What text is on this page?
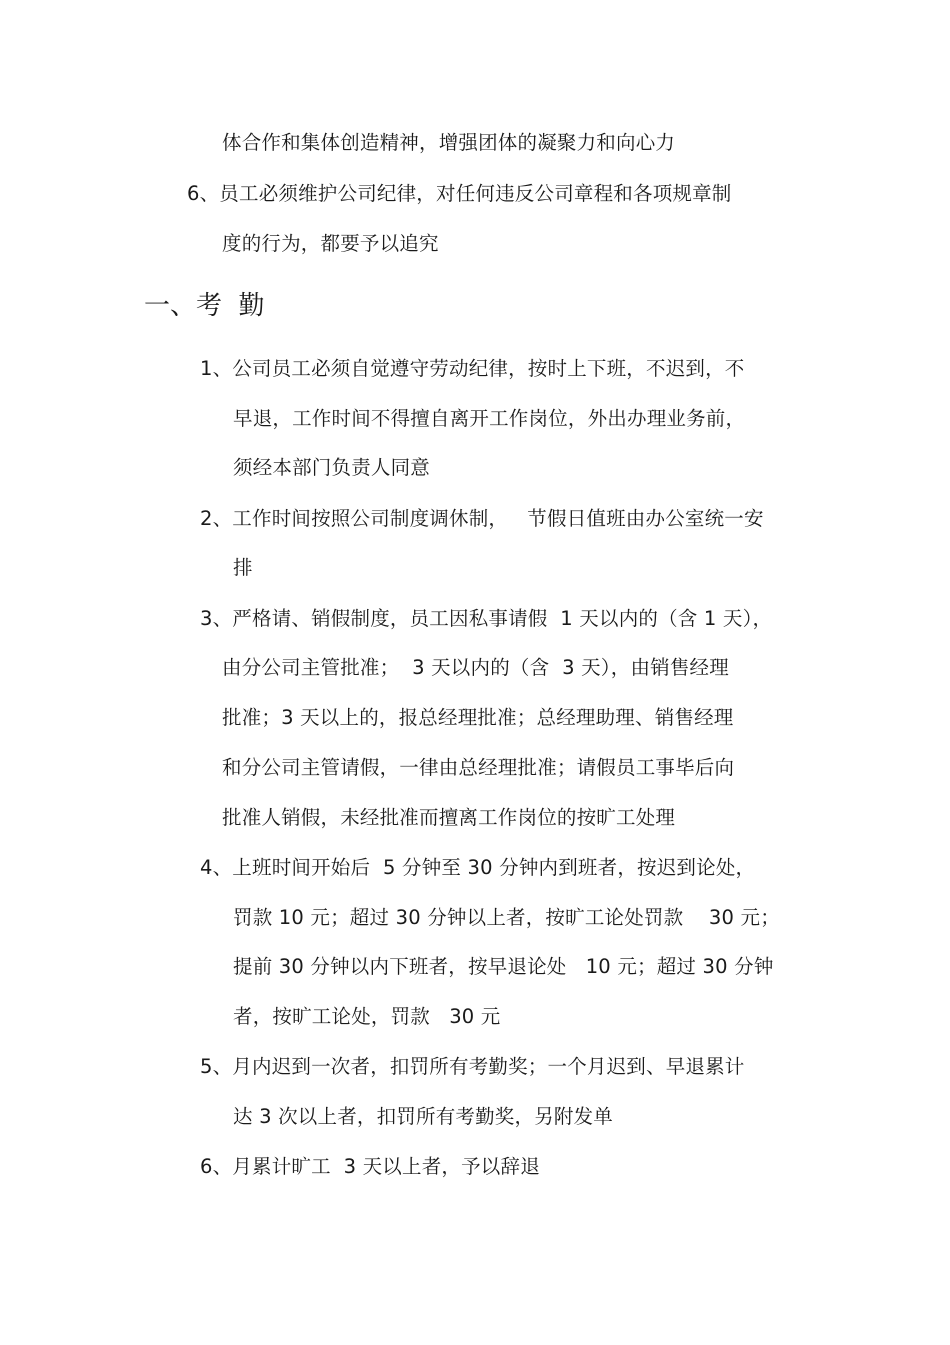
体合作和集体创造精神，增强团体的凝聚力和向心力
6、员工必须维护公司纪律，对任何违反公司章程和各项规章制
度的行为，都要予以追究
一、考  勤
1、公司员工必须自觉遵守劳动纪律，按时上下班，不迟到，不
早退，工作时间不得擅自离开工作岗位，外出办理业务前，
须经本部门负责人同意
2、工作时间按照公司制度调休制，   节假日值班由办公室统一安
排
3、严格请、销假制度，员工因私事请假  1 天以内的（含 1 天），
由分公司主管批准；  3 天以内的（含  3 天），由销售经理
批准；3 天以上的，报总经理批准；总经理助理、销售经理
和分公司主管请假，一律由总经理批准；请假员工事毕后向
批准人销假，未经批准而擅离工作岗位的按旷工处理
4、上班时间开始后  5 分钟至 30 分钟内到班者，按迟到论处，
罚款 10 元；超过 30 分钟以上者，按旷工论处罚款    30 元；
提前 30 分钟以内下班者，按早退论处   10 元；超过 30 分钟
者，按旷工论处，罚款   30 元
5、月内迟到一次者，扣罚所有考勤奖；一个月迟到、早退累计
达 3 次以上者，扣罚所有考勤奖，另附发单
6、月累计旷工  3 天以上者，予以辞退
